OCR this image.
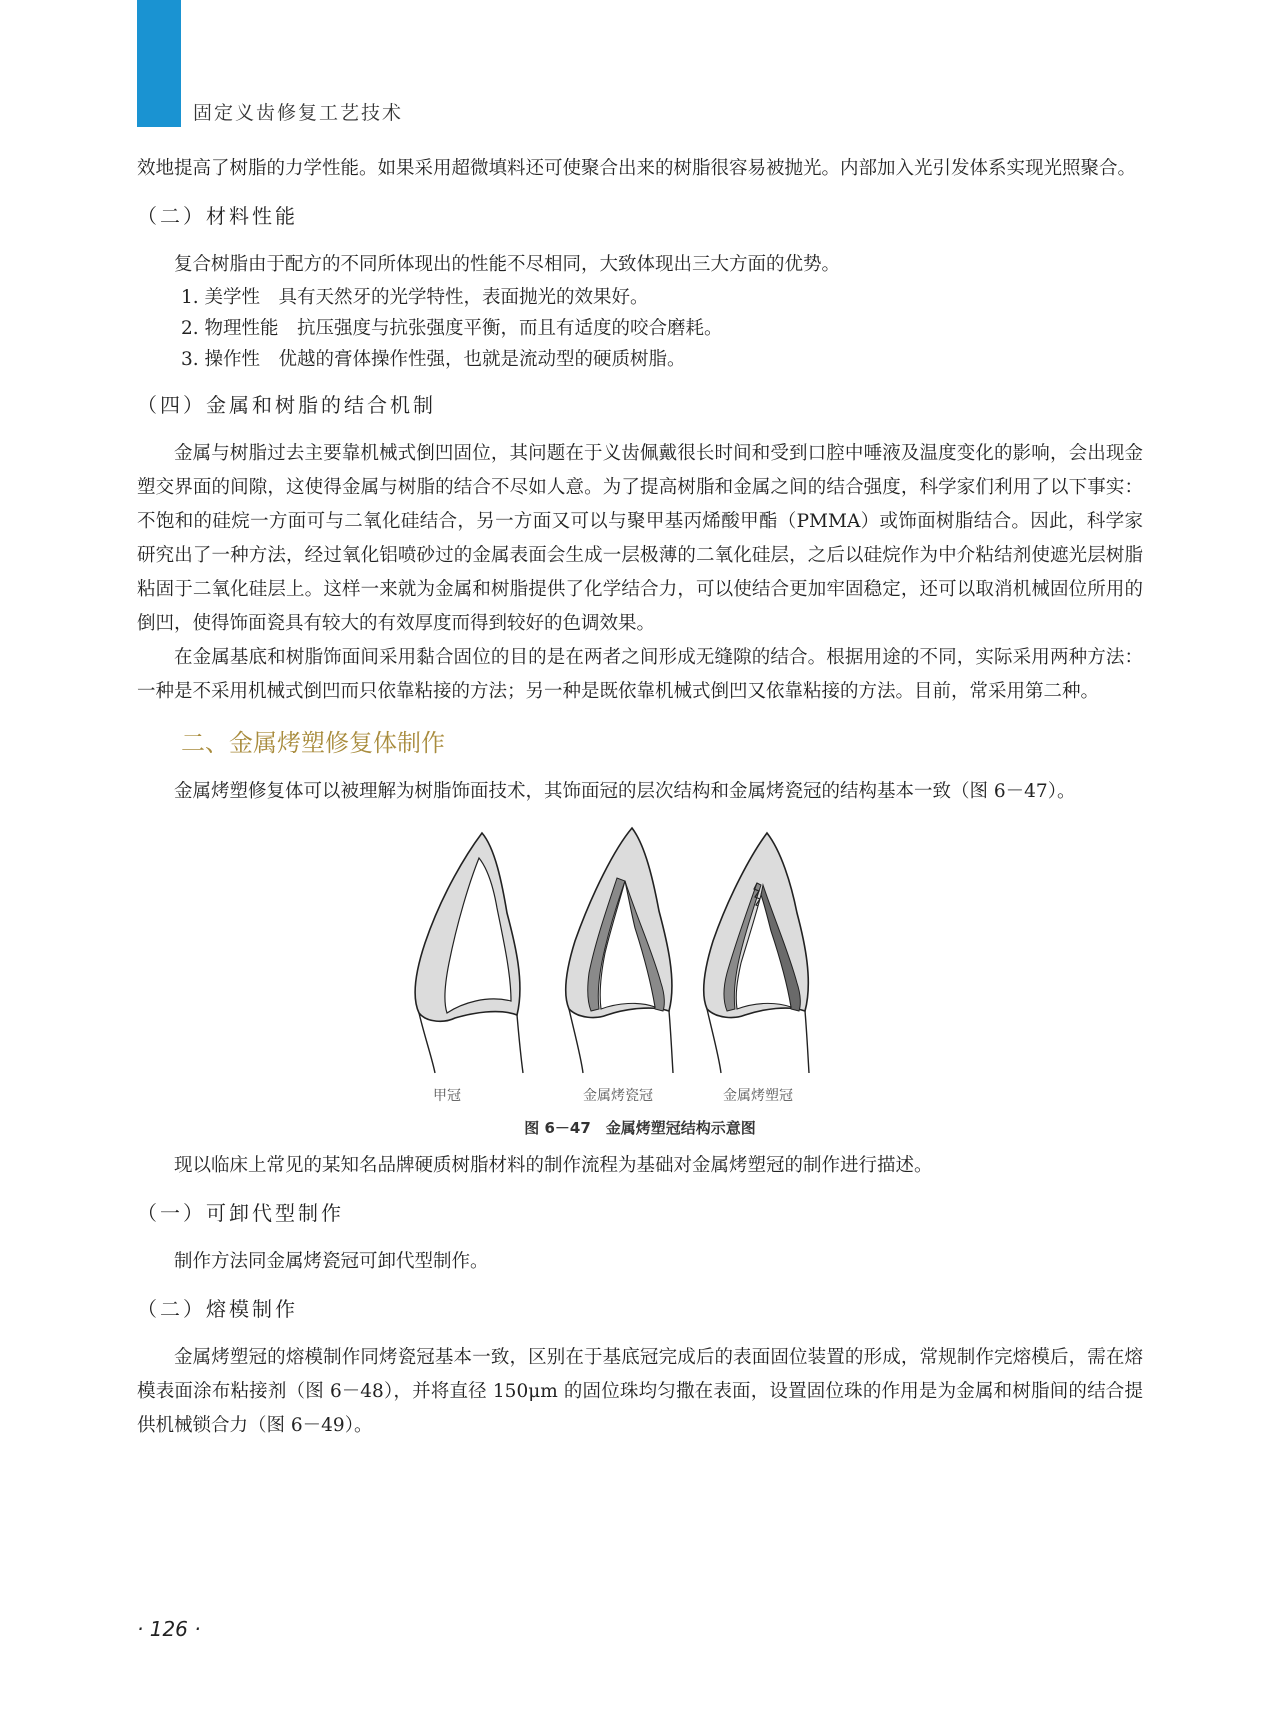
固定义齿修复工艺技术

效地提高了树脂的力学性能。如果采用超微填料还可使聚合出来的树脂很容易被抛光。内部加入光引发体系实现光照聚合。

（二）材料性能

复合树脂由于配方的不同所体现出的性能不尽相同，大致体现出三大方面的优势。

1. 美学性　具有天然牙的光学特性，表面抛光的效果好。
2. 物理性能　抗压强度与抗张强度平衡，而且有适度的咬合磨耗。
3. 操作性　优越的膏体操作性强，也就是流动型的硬质树脂。
（四）金属和树脂的结合机制

金属与树脂过去主要靠机械式倒凹固位，其问题在于义齿佩戴很长时间和受到口腔中唾液及温度变化的影响，会出现金塑交界面的间隙，这使得金属与树脂的结合不尽如人意。为了提高树脂和金属之间的结合强度，科学家们利用了以下事实：不饱和的硅烷一方面可与二氧化硅结合，另一方面又可以与聚甲基丙烯酸甲酯（PMMA）或饰面树脂结合。因此，科学家研究出了一种方法，经过氧化铝喷砂过的金属表面会生成一层极薄的二氧化硅层，之后以硅烷作为中介粘结剂使遮光层树脂粘固于二氧化硅层上。这样一来就为金属和树脂提供了化学结合力，可以使结合更加牢固稳定，还可以取消机械固位所用的倒凹，使得饰面瓷具有较大的有效厚度而得到较好的色调效果。

在金属基底和树脂饰面间采用黏合固位的目的是在两者之间形成无缝隙的结合。根据用途的不同，实际采用两种方法：一种是不采用机械式倒凹而只依靠粘接的方法；另一种是既依靠机械式倒凹又依靠粘接的方法。目前，常采用第二种。

二、金属烤塑修复体制作

金属烤塑修复体可以被理解为树脂饰面技术，其饰面冠的层次结构和金属烤瓷冠的结构基本一致（图 6－47）。

甲冠	金属烤瓷冠	金属烤塑冠
图 6－47　金属烤塑冠结构示意图

现以临床上常见的某知名品牌硬质树脂材料的制作流程为基础对金属烤塑冠的制作进行描述。

（一）可卸代型制作

制作方法同金属烤瓷冠可卸代型制作。

（二）熔模制作

金属烤塑冠的熔模制作同烤瓷冠基本一致，区别在于基底冠完成后的表面固位装置的形成，常规制作完熔模后，需在熔模表面涂布粘接剂（图 6－48），并将直径 150μm 的固位珠均匀撒在表面，设置固位珠的作用是为金属和树脂间的结合提供机械锁合力（图 6－49）。

· 126 ·
